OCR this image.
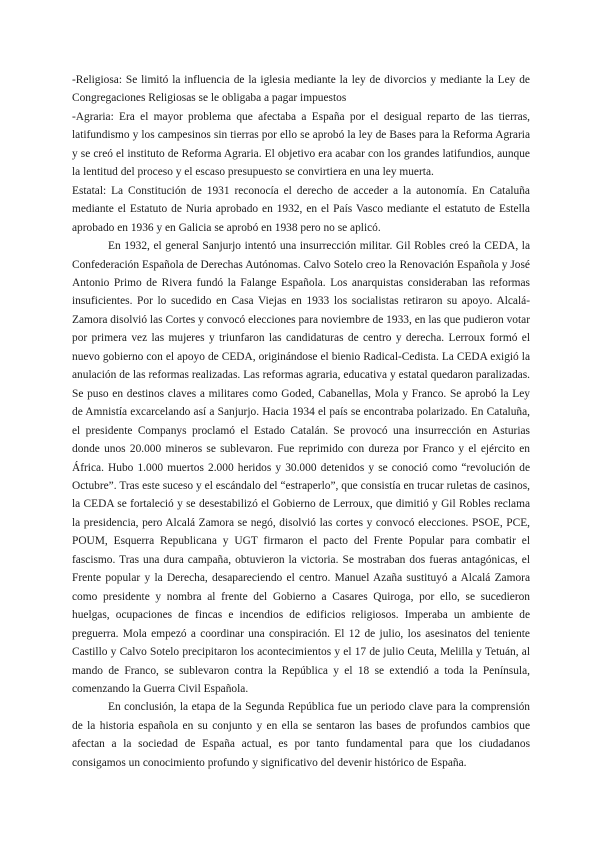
-Religiosa: Se limitó la influencia de la iglesia mediante la ley de divorcios y mediante la Ley de Congregaciones Religiosas se le obligaba a pagar impuestos

-Agraria: Era el mayor problema que afectaba a España por el desigual reparto de las tierras, latifundismo y los campesinos sin tierras por ello se aprobó la ley de Bases para la Reforma Agraria y se creó el instituto de Reforma Agraria. El objetivo era acabar con los grandes latifundios, aunque la lentitud del proceso y el escaso presupuesto se convirtiera en una ley muerta.

Estatal: La Constitución de 1931 reconocía el derecho de acceder a la autonomía. En Cataluña mediante el Estatuto de Nuria aprobado en 1932, en el País Vasco mediante el estatuto de Estella aprobado en 1936 y en Galicia se aprobó en 1938 pero no se aplicó.

En 1932, el general Sanjurjo intentó una insurrección militar. Gil Robles creó la CEDA, la Confederación Española de Derechas Autónomas. Calvo Sotelo creo la Renovación Española y José Antonio Primo de Rivera fundó la Falange Española. Los anarquistas consideraban las reformas insuficientes. Por lo sucedido en Casa Viejas en 1933 los socialistas retiraron su apoyo. Alcalá-Zamora disolvió las Cortes y convocó elecciones para noviembre de 1933, en las que pudieron votar por primera vez las mujeres y triunfaron las candidaturas de centro y derecha. Lerroux formó el nuevo gobierno con el apoyo de CEDA, originándose el bienio Radical-Cedista. La CEDA exigió la anulación de las reformas realizadas. Las reformas agraria, educativa y estatal quedaron paralizadas. Se puso en destinos claves a militares como Goded, Cabanellas, Mola y Franco. Se aprobó la Ley de Amnistía excarcelando así a Sanjurjo. Hacia 1934 el país se encontraba polarizado. En Cataluña, el presidente Companys proclamó el Estado Catalán. Se provocó una insurrección en Asturias donde unos 20.000 mineros se sublevaron. Fue reprimido con dureza por Franco y el ejército en África. Hubo 1.000 muertos 2.000 heridos y 30.000 detenidos y se conoció como “revolución de Octubre”. Tras este suceso y el escándalo del “estraperlo”, que consistía en trucar ruletas de casinos, la CEDA se fortaleció y se desestabilizó el Gobierno de Lerroux, que dimitió y Gil Robles reclama la presidencia, pero Alcalá Zamora se negó, disolvió las cortes y convocó elecciones. PSOE, PCE, POUM, Esquerra Republicana y UGT firmaron el pacto del Frente Popular para combatir el fascismo. Tras una dura campaña, obtuvieron la victoria. Se mostraban dos fueras antagónicas, el Frente popular y la Derecha, desapareciendo el centro. Manuel Azaña sustituyó a Alcalá Zamora como presidente y nombra al frente del Gobierno a Casares Quiroga, por ello, se sucedieron huelgas, ocupaciones de fincas e incendios de edificios religiosos. Imperaba un ambiente de preguerra. Mola empezó a coordinar una conspiración. El 12 de julio, los asesinatos del teniente Castillo y Calvo Sotelo precipitaron los acontecimientos y el 17 de julio Ceuta, Melilla y Tetuán, al mando de Franco, se sublevaron contra la República y el 18 se extendió a toda la Península, comenzando la Guerra Civil Española.

En conclusión, la etapa de la Segunda República fue un periodo clave para la comprensión de la historia española en su conjunto y en ella se sentaron las bases de profundos cambios que afectan a la sociedad de España actual, es por tanto fundamental para que los ciudadanos consigamos un conocimiento profundo y significativo del devenir histórico de España.
